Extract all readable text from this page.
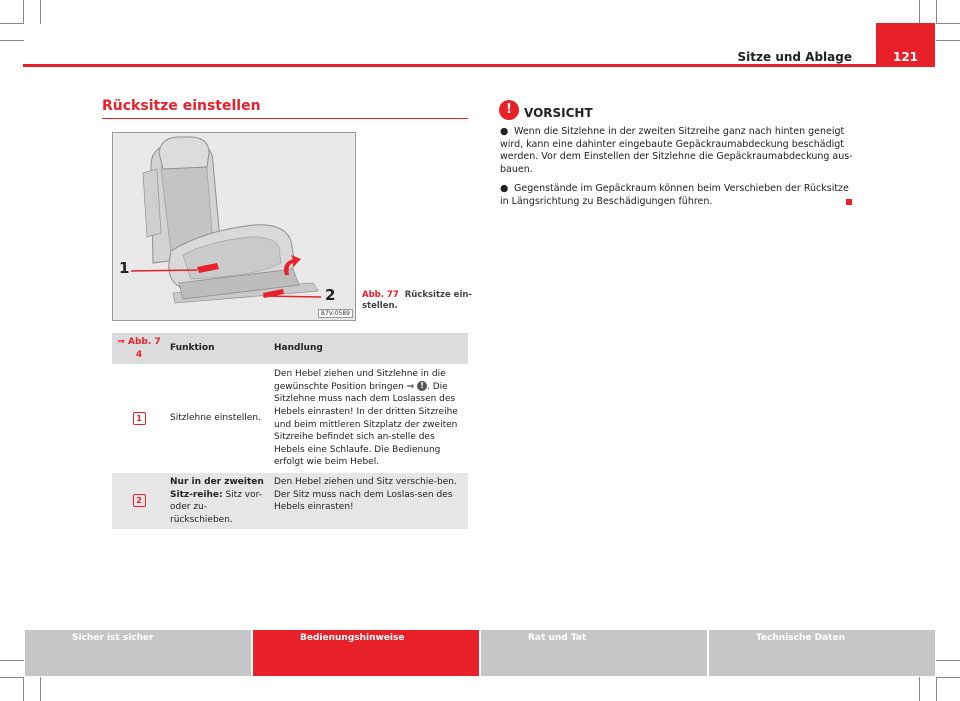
Sitze und Ablage	121
Rücksitze einstellen
1
2
B7V-0589
Abb. 77 Rücksitze ein-
stellen.
⇒ Abb. 7
4	Funktion	Handlung
1	Sitzlehne einstellen.	Den Hebel ziehen und Sitzlehne in die gewünschte Position bringen ⇒ ! . Die Sitzlehne muss nach dem Loslassen des Hebels einrasten! In der dritten Sitzreihe und beim mittleren Sitzplatz der zweiten Sitzreihe befindet sich an-stelle des Hebels eine Schlaufe. Die Bedienung erfolgt wie beim Hebel.
2	Nur in der zweiten Sitz-reihe: Sitz vor- oder zu-rückschieben.	Den Hebel ziehen und Sitz verschie-ben. Der Sitz muss nach dem Loslas-sen des Hebels einrasten!
!	VORSICHT
● Wenn die Sitzlehne in der zweiten Sitzreihe ganz nach hinten geneigt wird, kann eine dahinter eingebaute Gepäckraumabdeckung beschädigt werden. Vor dem Einstellen der Sitzlehne die Gepäckraumabdeckung aus-bauen.
● Gegenstände im Gepäckraum können beim Verschieben der Rücksitze in Längsrichtung zu Beschädigungen führen.
Sicher ist sicher	Bedienungshinweise	Rat und Tat	Technische Daten
